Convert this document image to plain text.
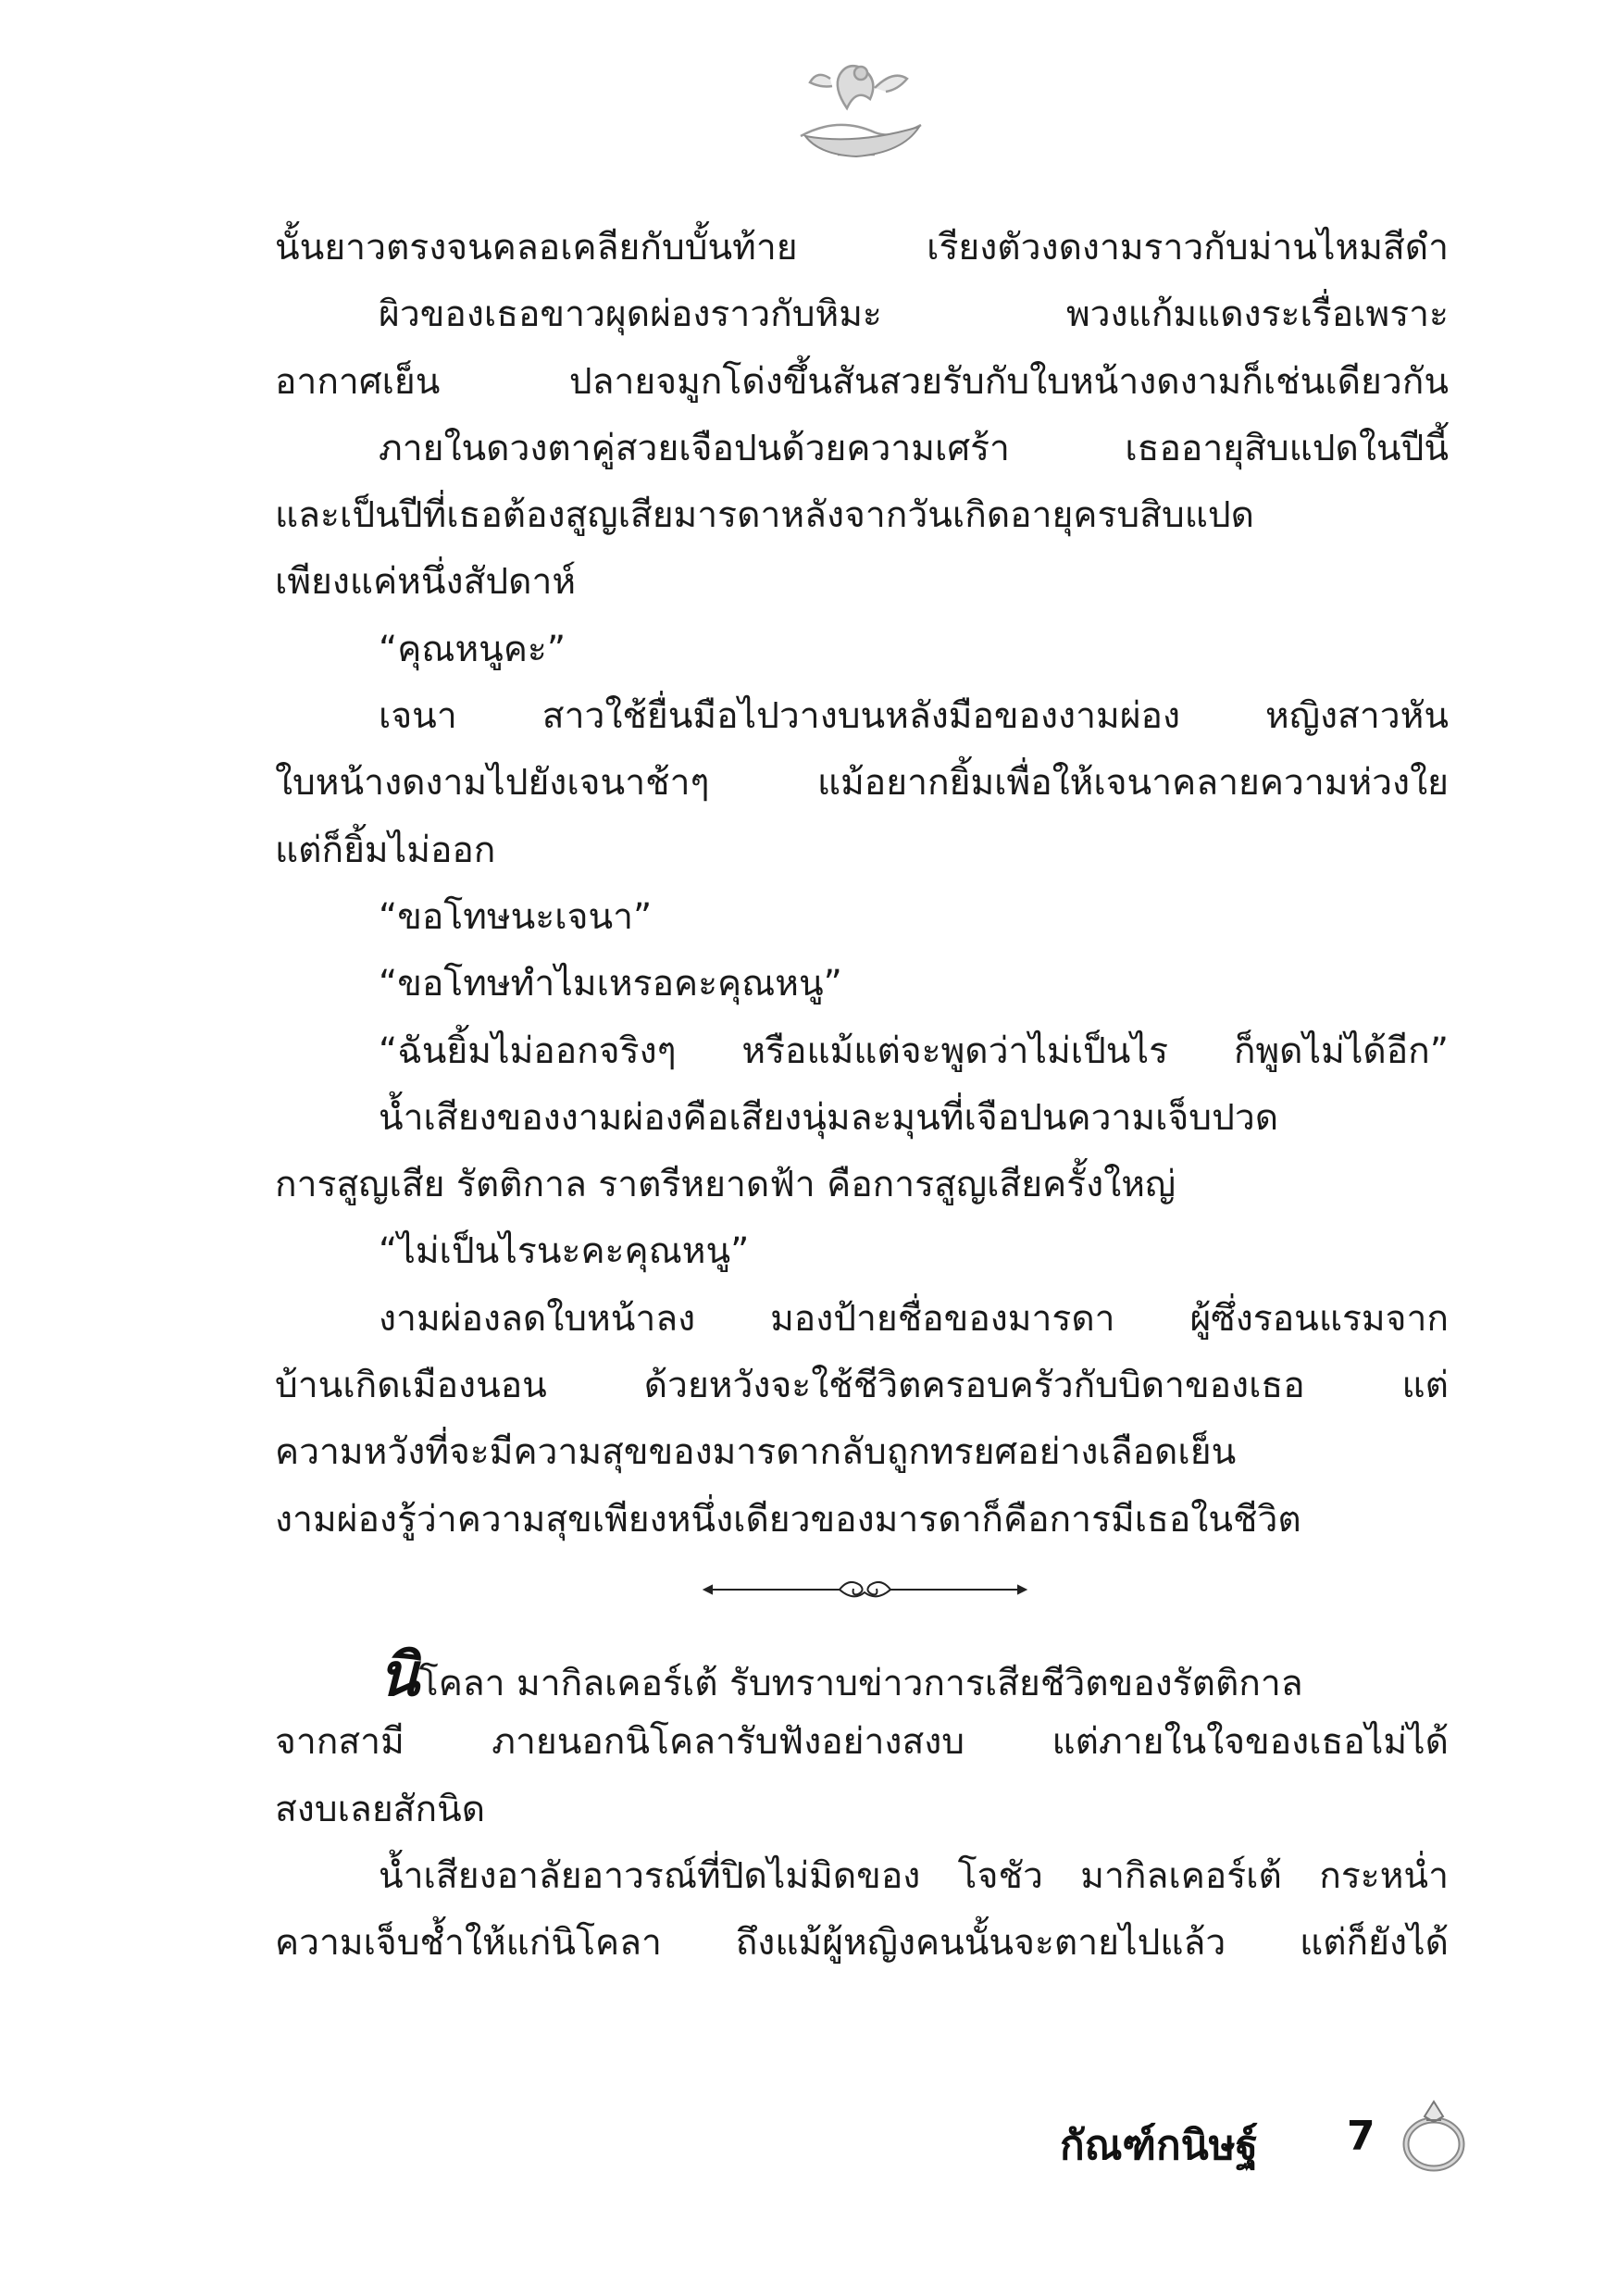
นั้นยาวตรงจนคลอเคลียกับบั้นท้าย เรียงตัวงดงามราวกับม่านไหมสีดำ
ผิวของเธอขาวผุดผ่องราวกับหิมะ พวงแก้มแดงระเรื่อเพราะ
อากาศเย็น ปลายจมูกโด่งขึ้นสันสวยรับกับใบหน้างดงามก็เช่นเดียวกัน
ภายในดวงตาคู่สวยเจือปนด้วยความเศร้า เธออายุสิบแปดในปีนี้
และเป็นปีที่เธอต้องสูญเสียมารดาหลังจากวันเกิดอายุครบสิบแปด
เพียงแค่หนึ่งสัปดาห์
“คุณหนูคะ”
เจนา สาวใช้ยื่นมือไปวางบนหลังมือของงามผ่อง หญิงสาวหัน
ใบหน้างดงามไปยังเจนาช้าๆ แม้อยากยิ้มเพื่อให้เจนาคลายความห่วงใย
แต่ก็ยิ้มไม่ออก
“ขอโทษนะเจนา”
“ขอโทษทำไมเหรอคะคุณหนู”
“ฉันยิ้มไม่ออกจริงๆ หรือแม้แต่จะพูดว่าไม่เป็นไร ก็พูดไม่ได้อีก”
น้ำเสียงของงามผ่องคือเสียงนุ่มละมุนที่เจือปนความเจ็บปวด
การสูญเสีย รัตติกาล ราตรีหยาดฟ้า คือการสูญเสียครั้งใหญ่
“ไม่เป็นไรนะคะคุณหนู”
งามผ่องลดใบหน้าลง มองป้ายชื่อของมารดา ผู้ซึ่งรอนแรมจาก
บ้านเกิดเมืองนอน ด้วยหวังจะใช้ชีวิตครอบครัวกับบิดาของเธอ แต่
ความหวังที่จะมีความสุขของมารดากลับถูกทรยศอย่างเลือดเย็น
งามผ่องรู้ว่าความสุขเพียงหนึ่งเดียวของมารดาก็คือการมีเธอในชีวิต
นิโคลา มากิลเคอร์เต้ รับทราบข่าวการเสียชีวิตของรัตติกาล
จากสามี ภายนอกนิโคลารับฟังอย่างสงบ แต่ภายในใจของเธอไม่ได้
สงบเลยสักนิด
น้ำเสียงอาลัยอาวรณ์ที่ปิดไม่มิดของ โจชัว มากิลเคอร์เต้ กระหน่ำ
ความเจ็บช้ำให้แก่นิโคลา ถึงแม้ผู้หญิงคนนั้นจะตายไปแล้ว แต่ก็ยังได้
กัณฑ์กนิษฐ์ 7
